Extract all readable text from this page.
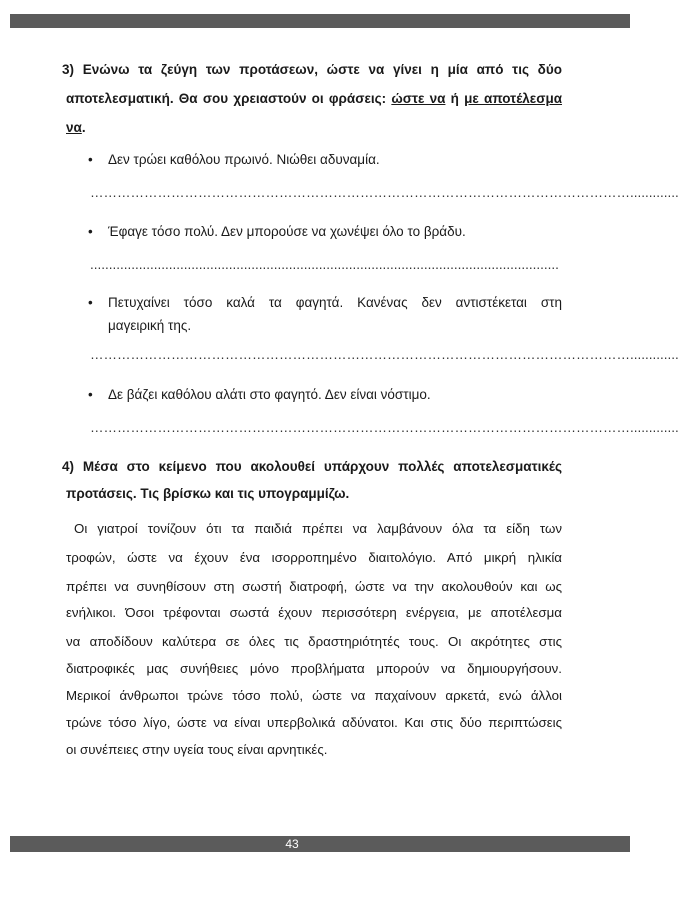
3) Ενώνω τα ζεύγη των προτάσεων, ώστε να γίνει η μία από τις δύο
αποτελεσματική. Θα σου χρειαστούν οι φράσεις: ώστε να ή με αποτέλεσμα
να.
• Δεν τρώει καθόλου πρωινό. Νιώθει αδυναμία.
………………………………………………………………………………………………………….............
• Έφαγε τόσο πολύ. Δεν μπορούσε να χωνέψει όλο το βράδυ.
.............................................................................................................................
• Πετυχαίνει τόσο καλά τα φαγητά. Κανένας δεν αντιστέκεται στη
μαγειρική της.
………………………………………………………………………………………………………….............
• Δε βάζει καθόλου αλάτι στο φαγητό. Δεν είναι νόστιμο.
………………………………………………………………………………………………………….............
4) Μέσα στο κείμενο που ακολουθεί υπάρχουν πολλές αποτελεσματικές
προτάσεις. Τις βρίσκω και τις υπογραμμίζω.
Οι γιατροί τονίζουν ότι τα παιδιά πρέπει να λαμβάνουν όλα τα είδη των
τροφών, ώστε να έχουν ένα ισορροπημένο διαιτολόγιο. Από μικρή ηλικία
πρέπει να συνηθίσουν στη σωστή διατροφή, ώστε να την ακολουθούν και ως
ενήλικοι. Όσοι τρέφονται σωστά έχουν περισσότερη ενέργεια, με αποτέλεσμα
να αποδίδουν καλύτερα σε όλες τις δραστηριότητές τους. Οι ακρότητες στις
διατροφικές μας συνήθειες μόνο προβλήματα μπορούν να δημιουργήσουν.
Μερικοί άνθρωποι τρώνε τόσο πολύ, ώστε να παχαίνουν αρκετά, ενώ άλλοι
τρώνε τόσο λίγο, ώστε να είναι υπερβολικά αδύνατοι. Και στις δύο περιπτώσεις
οι συνέπειες στην υγεία τους είναι αρνητικές.
43
